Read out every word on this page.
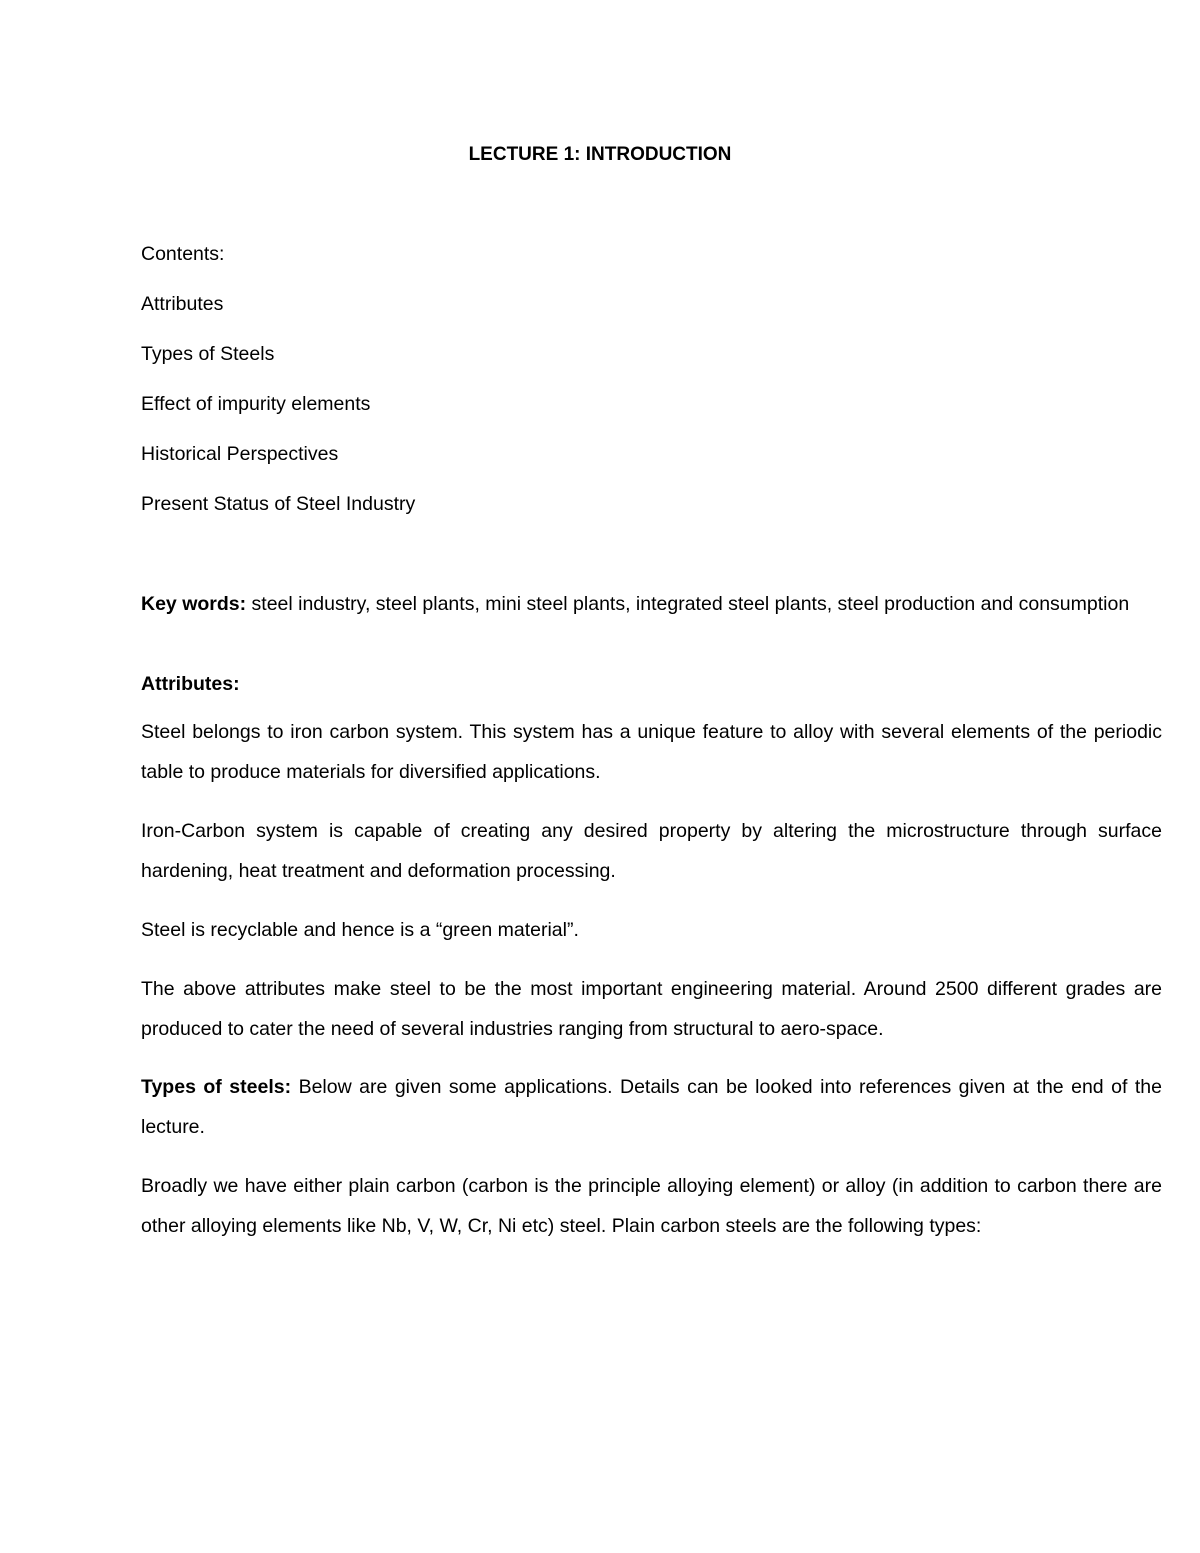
LECTURE 1: INTRODUCTION
Contents:
Attributes
Types of Steels
Effect of impurity elements
Historical Perspectives
Present Status of Steel Industry
Key words: steel industry, steel plants, mini steel plants, integrated steel plants, steel production and consumption
Attributes:
Steel belongs to iron carbon system. This system has a unique feature to alloy with several elements of the periodic table to produce materials for diversified applications.
Iron-Carbon system is capable of creating any desired property by altering the microstructure through surface hardening, heat treatment and deformation processing.
Steel is recyclable and hence is a “green material”.
The above attributes make steel to be the most important engineering material. Around 2500 different grades are produced to cater the need of several industries ranging from structural to aero-space.
Types of steels: Below are given some applications. Details can be looked into references given at the end of the lecture.
Broadly we have either plain carbon (carbon is the principle alloying element) or alloy (in addition to carbon there are other alloying elements like Nb, V, W, Cr, Ni etc) steel. Plain carbon steels are the following types:
